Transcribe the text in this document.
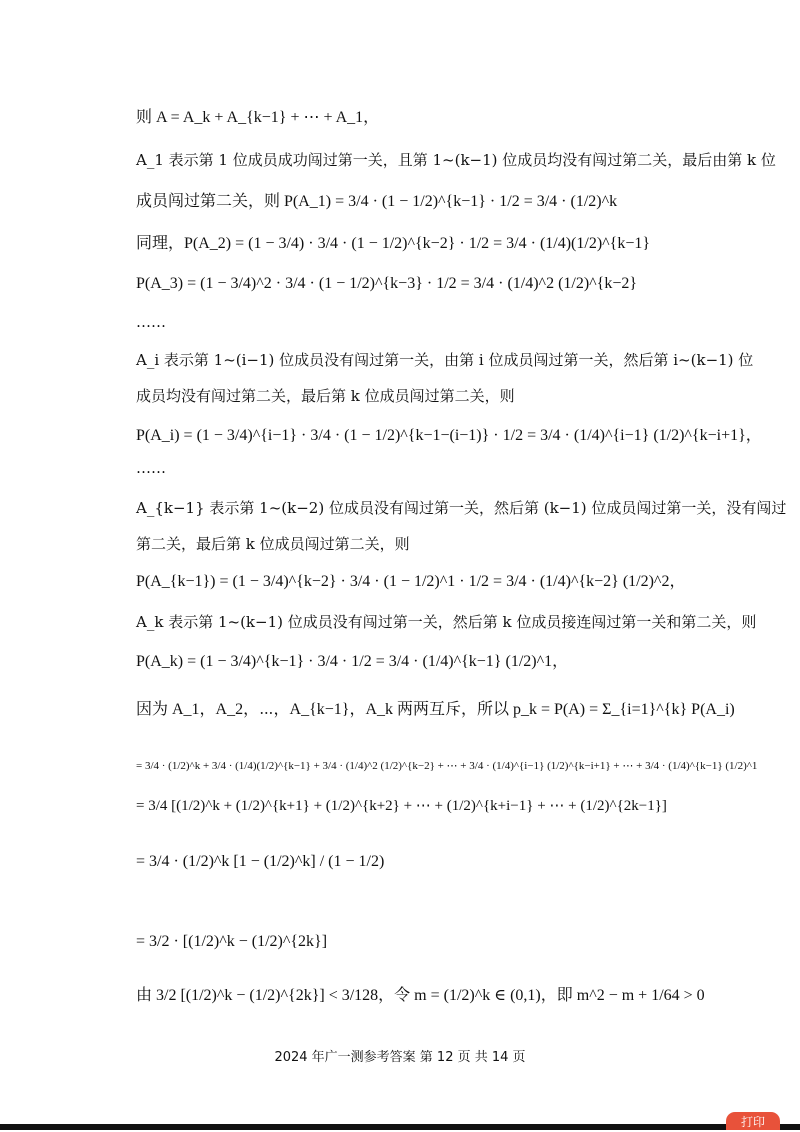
则 A = A_k + A_{k−1} + ⋯ + A_1，
A_1 表示第 1 位成员成功闯过第一关，且第 1~(k−1) 位成员均没有闯过第二关，最后由第 k 位
成员闯过第二关，则 P(A_1) = 3/4 · (1 − 1/2)^{k−1} · 1/2 = 3/4 · (1/2)^k
同理，P(A_2) = (1 − 3/4) · 3/4 · (1 − 1/2)^{k−2} · 1/2 = 3/4 · (1/4)(1/2)^{k−1}
P(A_3) = (1 − 3/4)^2 · 3/4 · (1 − 1/2)^{k−3} · 1/2 = 3/4 · (1/4)^2 (1/2)^{k−2}
……
A_i 表示第 1~(i−1) 位成员没有闯过第一关，由第 i 位成员闯过第一关，然后第 i~(k−1) 位
成员均没有闯过第二关，最后第 k 位成员闯过第二关，则
P(A_i) = (1 − 3/4)^{i−1} · 3/4 · (1 − 1/2)^{k−1−(i−1)} · 1/2 = 3/4 · (1/4)^{i−1} (1/2)^{k−i+1}，
……
A_{k−1} 表示第 1~(k−2) 位成员没有闯过第一关，然后第 (k−1) 位成员闯过第一关，没有闯过
第二关，最后第 k 位成员闯过第二关，则
P(A_{k−1}) = (1 − 3/4)^{k−2} · 3/4 · (1 − 1/2)^1 · 1/2 = 3/4 · (1/4)^{k−2} (1/2)^2，
A_k 表示第 1~(k−1) 位成员没有闯过第一关，然后第 k 位成员接连闯过第一关和第二关，则
P(A_k) = (1 − 3/4)^{k−1} · 3/4 · 1/2 = 3/4 · (1/4)^{k−1} (1/2)^1，
因为 A_1，A_2，⋯，A_{k−1}，A_k 两两互斥，所以 p_k = P(A) = Σ_{i=1}^{k} P(A_i)
= 3/4 · (1/2)^k + 3/4 · (1/4)(1/2)^{k−1} + 3/4 · (1/4)^2 (1/2)^{k−2} + ⋯ + 3/4 · (1/4)^{i−1} (1/2)^{k−i+1} + ⋯ + 3/4 · (1/4)^{k−1} (1/2)^1
= 3/4 [(1/2)^k + (1/2)^{k+1} + (1/2)^{k+2} + ⋯ + (1/2)^{k+i−1} + ⋯ + (1/2)^{2k−1}]
= 3/4 · (1/2)^k [1 − (1/2)^k] / (1 − 1/2)
= 3/2 · [(1/2)^k − (1/2)^{2k}]
由 3/2 [(1/2)^k − (1/2)^{2k}] < 3/128，令 m = (1/2)^k ∈ (0,1)，即 m^2 − m + 1/64 > 0
2024 年广一测参考答案 第 12 页 共 14 页
打印
